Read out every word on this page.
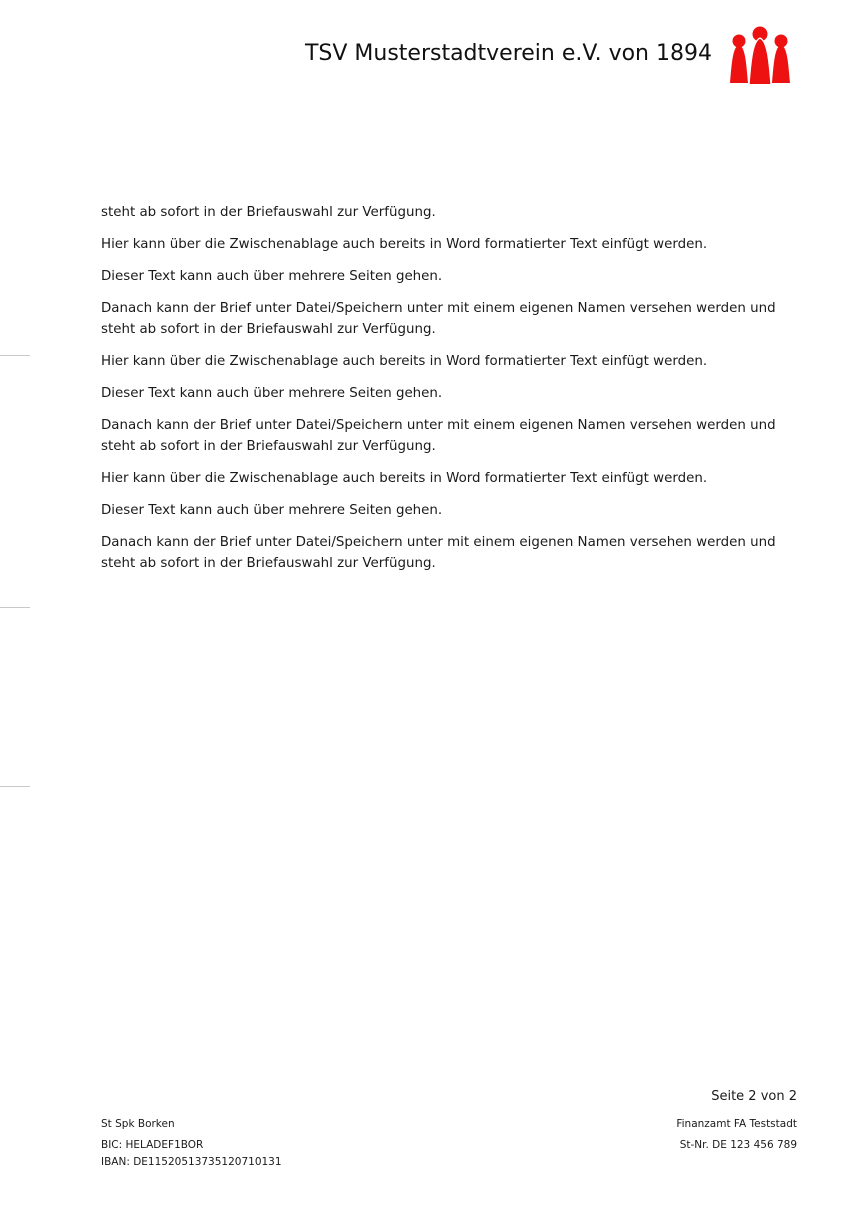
TSV Musterstadtverein e.V. von 1894

steht ab sofort in der Briefauswahl zur Verfügung.

Hier kann über die Zwischenablage auch bereits in Word formatierter Text einfügt werden.

Dieser Text kann auch über mehrere Seiten gehen.

Danach kann der Brief unter Datei/Speichern unter mit einem eigenen Namen versehen werden und
steht ab sofort in der Briefauswahl zur Verfügung.

Hier kann über die Zwischenablage auch bereits in Word formatierter Text einfügt werden.

Dieser Text kann auch über mehrere Seiten gehen.

Danach kann der Brief unter Datei/Speichern unter mit einem eigenen Namen versehen werden und
steht ab sofort in der Briefauswahl zur Verfügung.

Hier kann über die Zwischenablage auch bereits in Word formatierter Text einfügt werden.

Dieser Text kann auch über mehrere Seiten gehen.

Danach kann der Brief unter Datei/Speichern unter mit einem eigenen Namen versehen werden und
steht ab sofort in der Briefauswahl zur Verfügung.

Seite 2 von 2
St Spk Borken
BIC: HELADEF1BOR
IBAN: DE11520513735120710131
Finanzamt FA Teststadt
St-Nr. DE 123 456 789
